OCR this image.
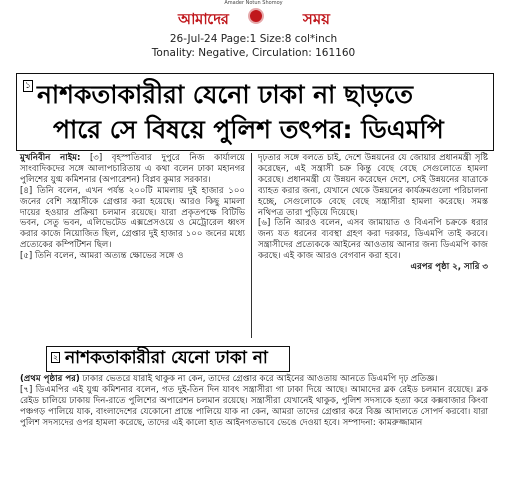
Amader Notun Shomoy
আমাদের	সময়
26-Jul-24 Page:1 Size:8 col*inch
Tonality: Negative, Circulation: 161160
১ নাশকতাকারীরা যেনো ঢাকা না ছাড়তে
পারে সে বিষয়ে পুলিশ তৎপর: ডিএমপি

মুখনিবীন নাইম: [৩] বৃহস্পতিবার দুপুরে নিজ কার্যালয়ে সাংবাদিকদের সঙ্গে আলাপচারিতায় এ কথা বলেন ঢাকা মহানগর পুলিশের যুগ্ম কমিশনার (অপারেশন) বিপ্লব কুমার সরকার।

[৪] তিনি বলেন, এখন পর্যন্ত ২০০টি মামলায় দুই হাজার ১০০ জনের বেশি সন্ত্রাসীকে গ্রেপ্তার করা হয়েছে। আরও কিছু মামলা দায়ের হওয়ার প্রক্রিয়া চলমান রয়েছে। যারা প্রকৃতপক্ষে বিটিভি ভবন, সেতু ভবন, এলিভেটেড এক্সপ্রেসওয়ে ও মেট্রোরেল ধ্বংস করার কাজে নিয়োজিত ছিল, গ্রেপ্তার দুই হাজার ১০০ জনের মধ্যে প্রত্যেকের কম্পিটিশন ছিল।

[৫] তিনি বলেন, আমরা অত্যন্ত ক্ষোভের সঙ্গে ও

দৃঢ়তার সঙ্গে বলতে চাই, দেশে উন্নয়নের যে জোয়ার প্রধানমন্ত্রী সৃষ্টি করেছেন, এই সন্ত্রাসী চক্র কিন্তু বেছে বেছে সেগুলোতে হামলা করেছে। প্রধানমন্ত্রী যে উন্নয়ন করেছেন দেশে, সেই উন্নয়নের যাত্রাকে ব্যাহত করার জন্য, যেখানে থেকে উন্নয়নের কার্যক্রমগুলো পরিচালনা হচ্ছে, সেগুলোকে বেছে বেছে সন্ত্রাসীরা হামলা করেছে। সমস্ত নথিপত্র তারা পুড়িয়ে দিয়েছে।

[৬] তিনি আরও বলেন, এসব জামায়াত ও বিএনপি চক্রকে ধরার জন্য যত ধরনের ব্যবস্থা গ্রহণ করা দরকার, ডিএমপি তাই করবে। সন্ত্রাসীদের প্রত্যেককে আইনের আওতায় আনার জন্য ডিএমপি কাজ করছে। এই কাজ আরও বেগবান করা হবে।

এরপর পৃষ্ঠা ২, সারি ৩

২ নাশকতাকারীরা যেনো ঢাকা না

(প্রথম পৃষ্ঠার পর) ঢাকার ভেতরে যারাই থাকুক না কেন, তাদের গ্রেপ্তার করে আইনের আওতায় আনতে ডিএমপি দৃঢ় প্রতিজ্ঞ।

[৭] ডিএমপির এই যুগ্ম কমিশনার বলেন, গত দুই-তিন দিন যাবৎ সন্ত্রাসীরা গা ঢাকা দিয়ে আছে। আমাদের ব্লক রেইড চলমান রয়েছে। ব্লক রেইড চালিয়ে ঢাকায় দিন-রাতে পুলিশের অপারেশন চলমান রয়েছে। সন্ত্রাসীরা যেখানেই থাকুক, পুলিশ সদস্যকে হত্যা করে কক্সবাজার কিংবা পঞ্চগড় পালিয়ে যাক, বাংলাদেশের যেকোনো প্রান্তে পালিয়ে যাক না কেন, আমরা তাদের গ্রেপ্তার করে বিজ্ঞ আদালতে সোপর্দ করবো। যারা পুলিশ সদস্যদের ওপর হামলা করেছে, তাদের এই কালো হাত আইনগতভাবে ভেঙে দেওয়া হবে। সম্পাদনা: কামরুজ্জামান
